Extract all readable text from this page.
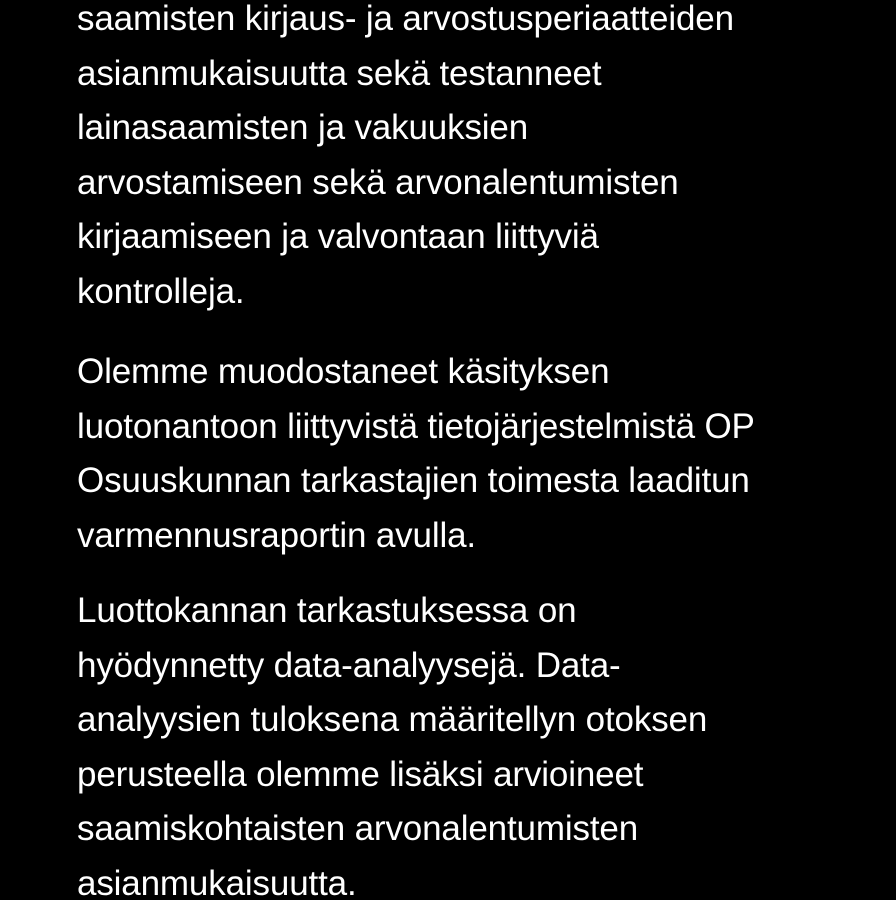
saamisten kirjaus- ja arvostusperiaatteiden
asianmukaisuutta sekä testanneet
lainasaamisten ja vakuuksien
arvostamiseen sekä arvonalentumisten
kirjaamiseen ja valvontaan liittyviä
kontrolleja.

Olemme muodostaneet käsityksen
luotonantoon liittyvistä tietojärjestelmistä OP
Osuuskunnan tarkastajien toimesta laaditun
varmennusraportin avulla.

Luottokannan tarkastuksessa on
hyödynnetty data-analyysejä. Data-
analyysien tuloksena määritellyn otoksen
perusteella olemme lisäksi arvioineet
saamiskohtaisten arvonalentumisten
asianmukaisuutta.
